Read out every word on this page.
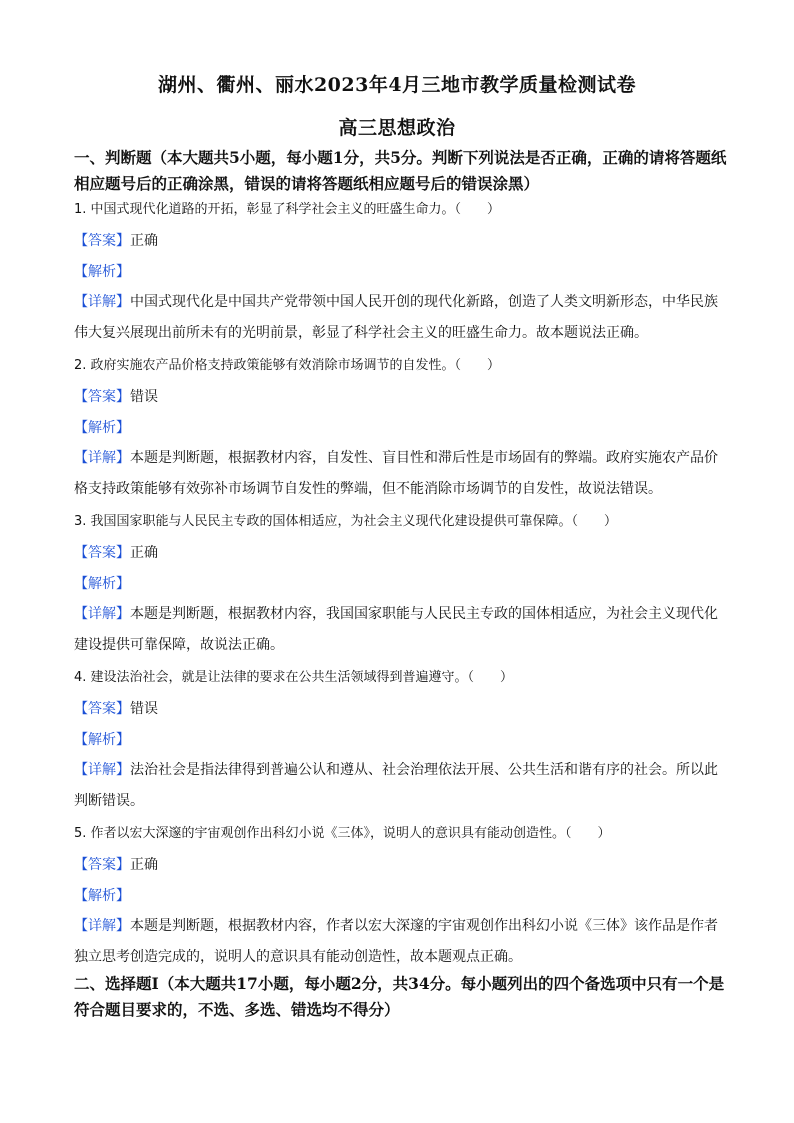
湖州、衢州、丽水2023年4月三地市教学质量检测试卷
高三思想政治
一、判断题（本大题共5小题，每小题1分，共5分。判断下列说法是否正确，正确的请将答题纸相应题号后的正确涂黑，错误的请将答题纸相应题号后的错误涂黑）
1. 中国式现代化道路的开拓，彰显了科学社会主义的旺盛生命力。（　　）
【答案】正确
【解析】
【详解】中国式现代化是中国共产党带领中国人民开创的现代化新路，创造了人类文明新形态，中华民族伟大复兴展现出前所未有的光明前景，彰显了科学社会主义的旺盛生命力。故本题说法正确。
2. 政府实施农产品价格支持政策能够有效消除市场调节的自发性。（　　）
【答案】错误
【解析】
【详解】本题是判断题，根据教材内容，自发性、盲目性和滞后性是市场固有的弊端。政府实施农产品价格支持政策能够有效弥补市场调节自发性的弊端，但不能消除市场调节的自发性，故说法错误。
3. 我国国家职能与人民民主专政的国体相适应，为社会主义现代化建设提供可靠保障。（　　）
【答案】正确
【解析】
【详解】本题是判断题，根据教材内容，我国国家职能与人民民主专政的国体相适应，为社会主义现代化建设提供可靠保障，故说法正确。
4. 建设法治社会，就是让法律的要求在公共生活领域得到普遍遵守。（　　）
【答案】错误
【解析】
【详解】法治社会是指法律得到普遍公认和遵从、社会治理依法开展、公共生活和谐有序的社会。所以此判断错误。
5. 作者以宏大深邃的宇宙观创作出科幻小说《三体》，说明人的意识具有能动创造性。（　　）
【答案】正确
【解析】
【详解】本题是判断题，根据教材内容，作者以宏大深邃的宇宙观创作出科幻小说《三体》该作品是作者独立思考创造完成的，说明人的意识具有能动创造性，故本题观点正确。
二、选择题Ⅰ（本大题共17小题，每小题2分，共34分。每小题列出的四个备选项中只有一个是符合题目要求的，不选、多选、错选均不得分）
